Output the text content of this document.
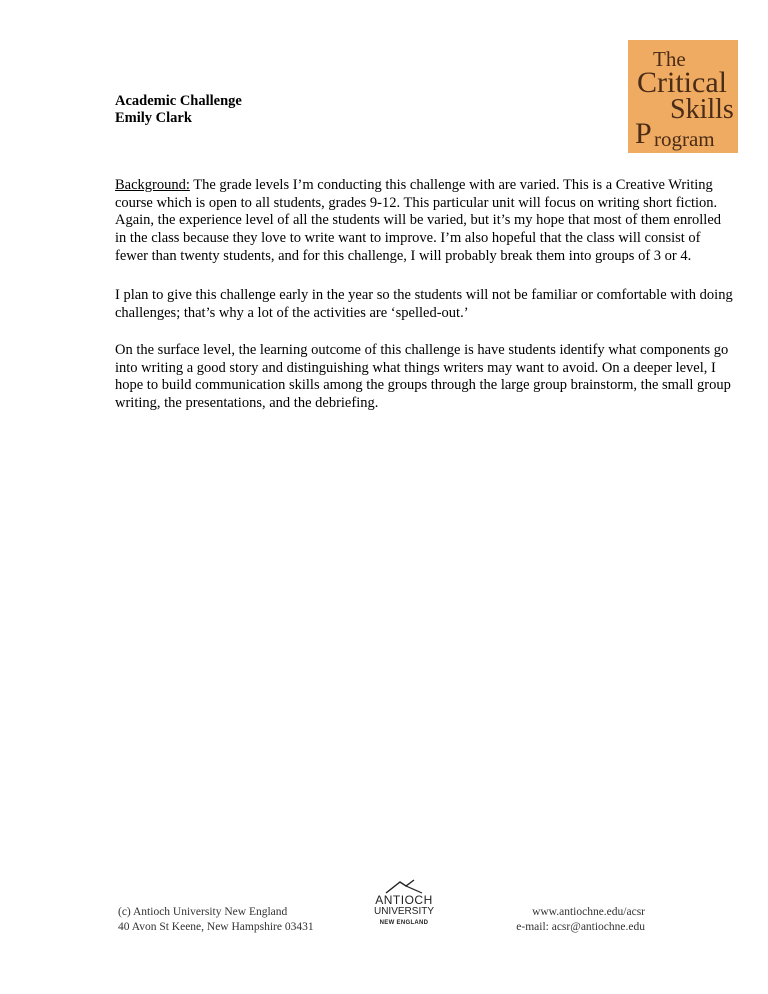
Academic Challenge
Emily Clark
The
Critical
Skills
P rogram
Background: The grade levels I’m conducting this challenge with are varied. This is a Creative Writing course which is open to all students, grades 9-12. This particular unit will focus on writing short fiction. Again, the experience level of all the students will be varied, but it’s my hope that most of them enrolled in the class because they love to write want to improve. I’m also hopeful that the class will consist of fewer than twenty students, and for this challenge, I will probably break them into groups of 3 or 4.
I plan to give this challenge early in the year so the students will not be familiar or comfortable with doing challenges; that’s why a lot of the activities are ‘spelled-out.’
On the surface level, the learning outcome of this challenge is have students identify what components go into writing a good story and distinguishing what things writers may want to avoid. On a deeper level, I hope to build communication skills among the groups through the large group brainstorm, the small group writing, the presentations, and the debriefing.
(c) Antioch University New England
40 Avon St Keene, New Hampshire 03431
ANTIOCH
UNIVERSITY
NEW ENGLAND
www.antiochne.edu/acsr
e-mail: acsr@antiochne.edu
